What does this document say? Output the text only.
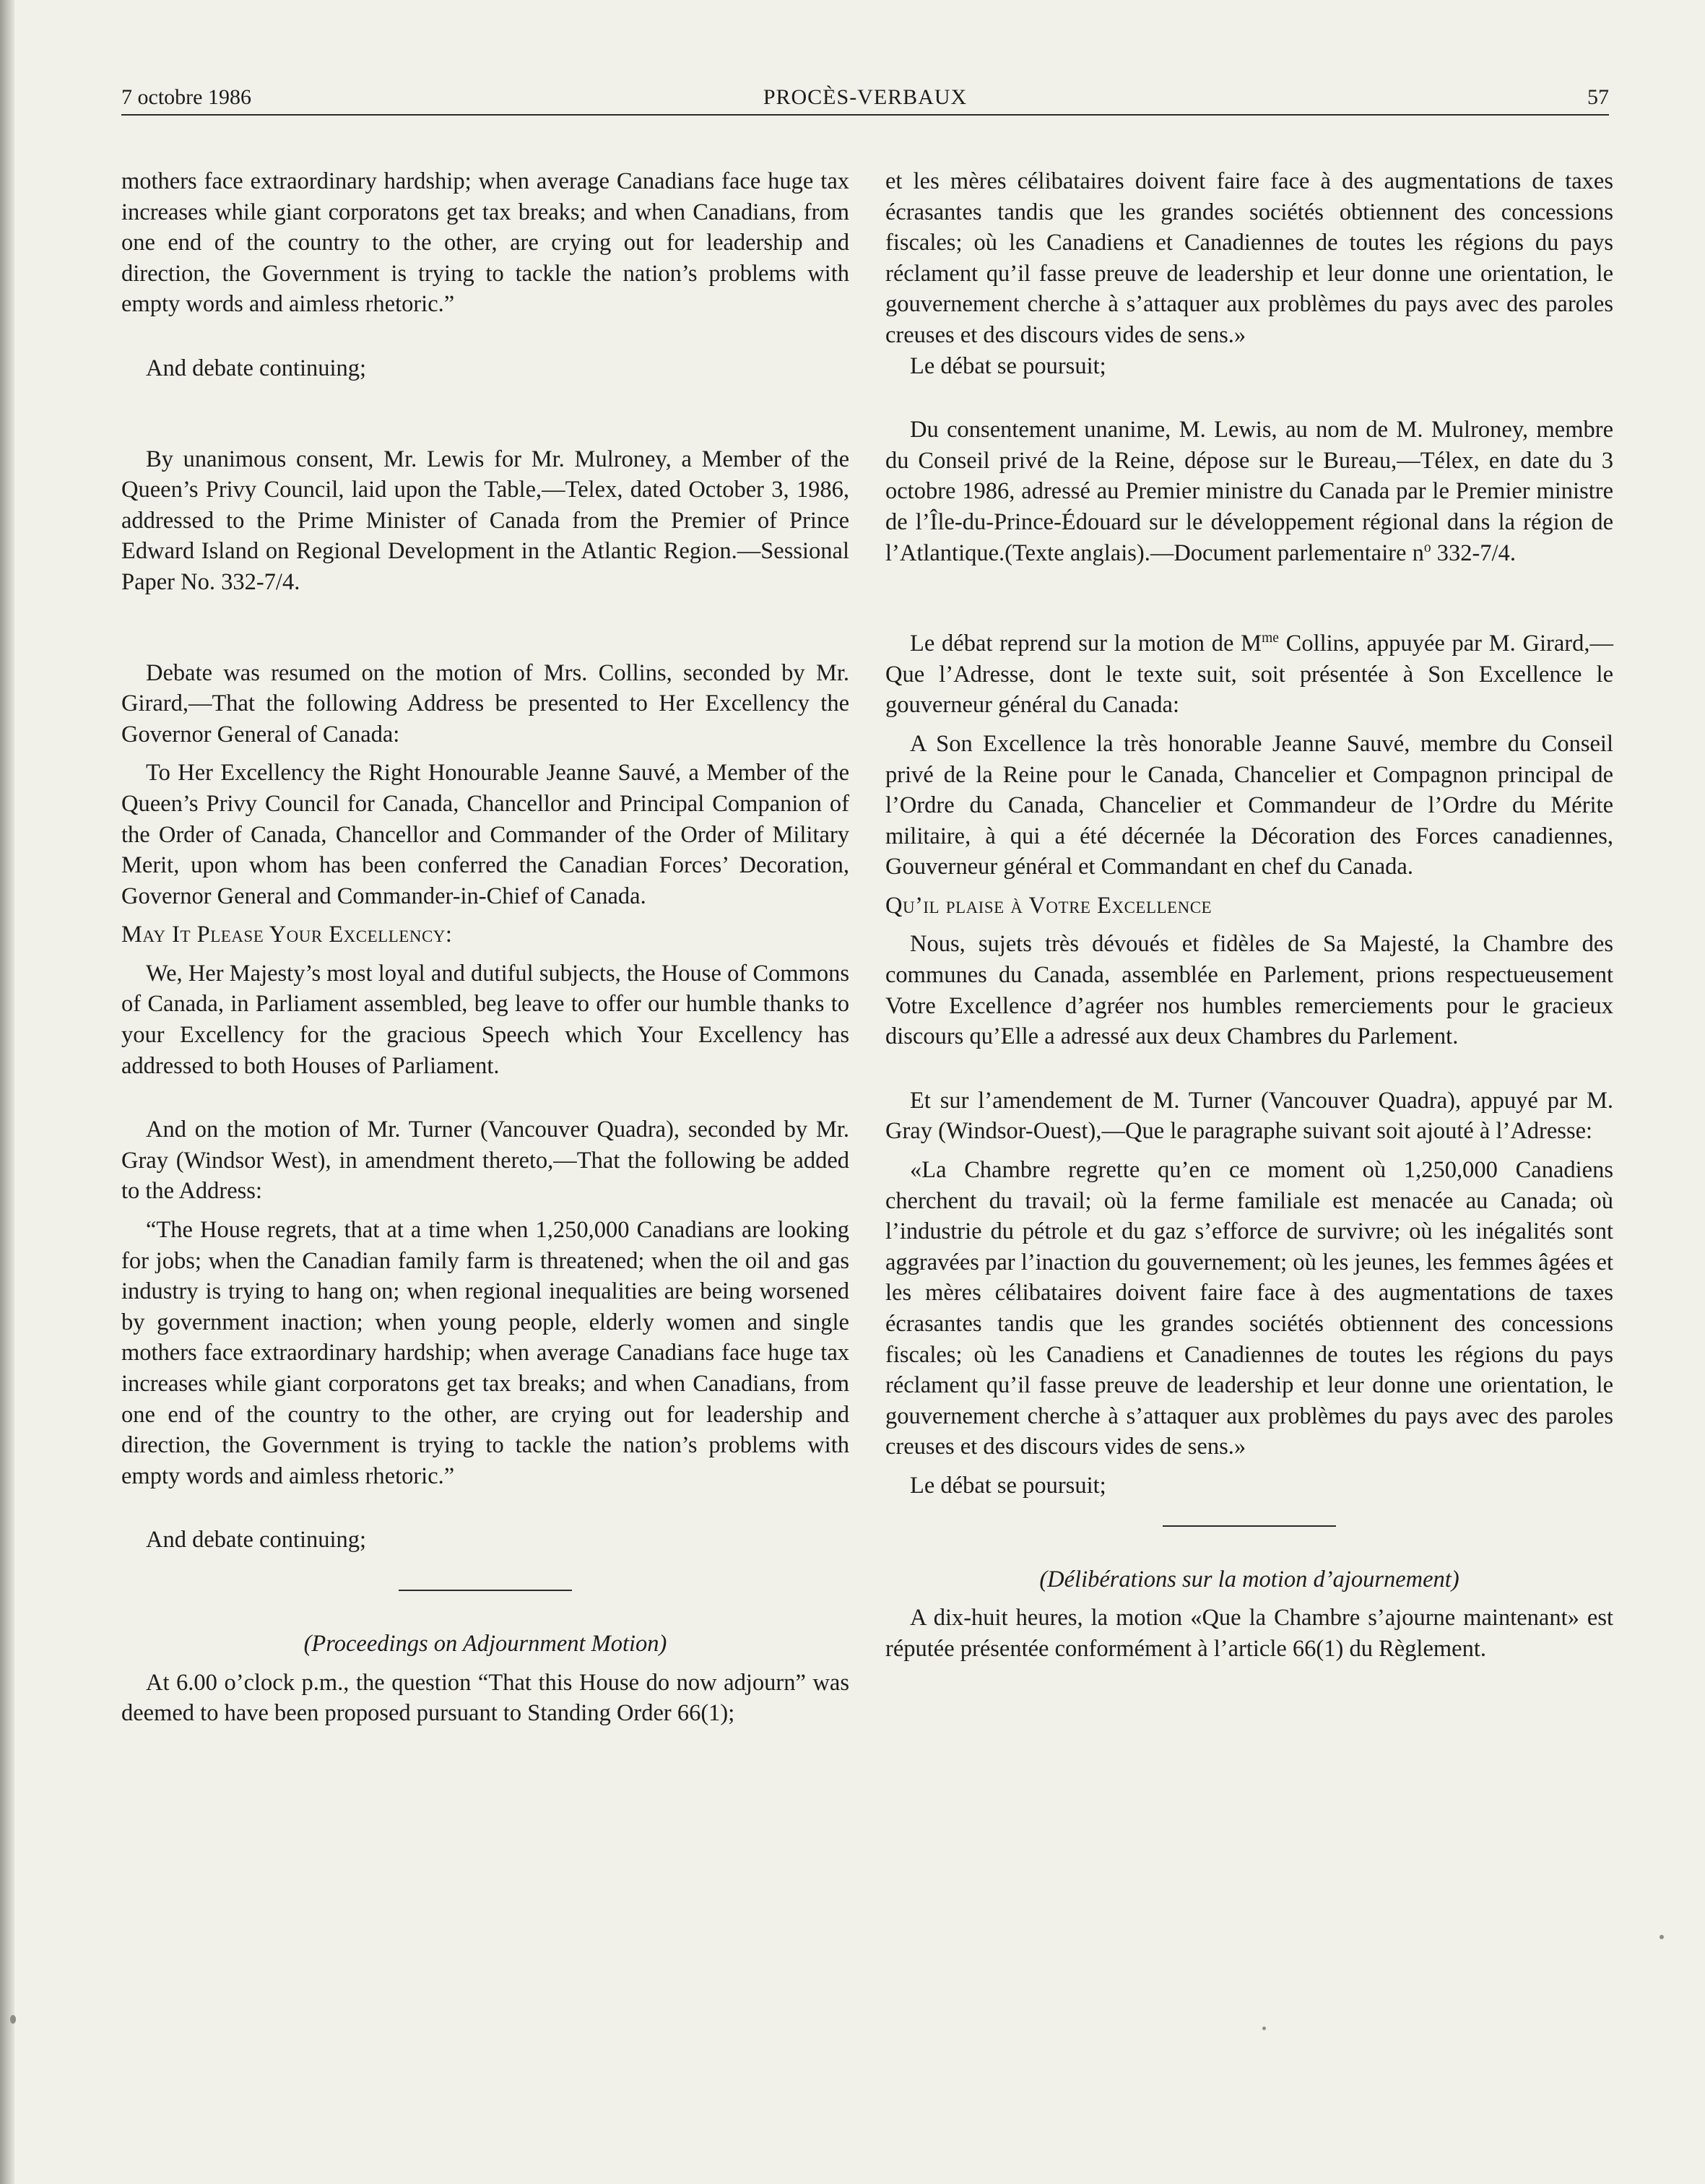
7 octobre 1986	PROCÈS-VERBAUX	57

mothers face extraordinary hardship; when average Canadians face huge tax increases while giant corporatons get tax breaks; and when Canadians, from one end of the country to the other, are crying out for leadership and direction, the Government is trying to tackle the nation’s problems with empty words and aimless rhetoric.”

And debate continuing;

By unanimous consent, Mr. Lewis for Mr. Mulroney, a Member of the Queen’s Privy Council, laid upon the Table,—Telex, dated October 3, 1986, addressed to the Prime Minister of Canada from the Premier of Prince Edward Island on Regional Development in the Atlantic Region.—Sessional Paper No. 332-7/4.

Debate was resumed on the motion of Mrs. Collins, seconded by Mr. Girard,—That the following Address be presented to Her Excellency the Governor General of Canada:

To Her Excellency the Right Honourable Jeanne Sauvé, a Member of the Queen’s Privy Council for Canada, Chancellor and Principal Companion of the Order of Canada, Chancellor and Commander of the Order of Military Merit, upon whom has been conferred the Canadian Forces’ Decoration, Governor General and Commander-in-Chief of Canada.

May It Please Your Excellency:

We, Her Majesty’s most loyal and dutiful subjects, the House of Commons of Canada, in Parliament assembled, beg leave to offer our humble thanks to your Excellency for the gracious Speech which Your Excellency has addressed to both Houses of Parliament.

And on the motion of Mr. Turner (Vancouver Quadra), seconded by Mr. Gray (Windsor West), in amendment thereto,—That the following be added to the Address:

“The House regrets, that at a time when 1,250,000 Canadians are looking for jobs; when the Canadian family farm is threatened; when the oil and gas industry is trying to hang on; when regional inequalities are being worsened by government inaction; when young people, elderly women and single mothers face extraordinary hardship; when average Canadians face huge tax increases while giant corporatons get tax breaks; and when Canadians, from one end of the country to the other, are crying out for leadership and direction, the Government is trying to tackle the nation’s problems with empty words and aimless rhetoric.”

And debate continuing;

(Proceedings on Adjournment Motion)

At 6.00 o’clock p.m., the question “That this House do now adjourn” was deemed to have been proposed pursuant to Standing Order 66(1);

et les mères célibataires doivent faire face à des augmentations de taxes écrasantes tandis que les grandes sociétés obtiennent des concessions fiscales; où les Canadiens et Canadiennes de toutes les régions du pays réclament qu’il fasse preuve de leadership et leur donne une orientation, le gouvernement cherche à s’attaquer aux problèmes du pays avec des paroles creuses et des discours vides de sens.»

Le débat se poursuit;

Du consentement unanime, M. Lewis, au nom de M. Mulroney, membre du Conseil privé de la Reine, dépose sur le Bureau,—Télex, en date du 3 octobre 1986, adressé au Premier ministre du Canada par le Premier ministre de l’Île-du-Prince-Édouard sur le développement régional dans la région de l’Atlantique.(Texte anglais).—Document parlementaire $n^o$ 332-7/4.

Le débat reprend sur la motion de $M^{me}$ Collins, appuyée par M. Girard,—Que l’Adresse, dont le texte suit, soit présentée à Son Excellence le gouverneur général du Canada:

A Son Excellence la très honorable Jeanne Sauvé, membre du Conseil privé de la Reine pour le Canada, Chancelier et Compagnon principal de l’Ordre du Canada, Chancelier et Commandeur de l’Ordre du Mérite militaire, à qui a été décernée la Décoration des Forces canadiennes, Gouverneur général et Commandant en chef du Canada.

Qu’il plaise à Votre Excellence

Nous, sujets très dévoués et fidèles de Sa Majesté, la Chambre des communes du Canada, assemblée en Parlement, prions respectueusement Votre Excellence d’agréer nos humbles remerciements pour le gracieux discours qu’Elle a adressé aux deux Chambres du Parlement.

Et sur l’amendement de M. Turner (Vancouver Quadra), appuyé par M. Gray (Windsor-Ouest),—Que le paragraphe suivant soit ajouté à l’Adresse:

«La Chambre regrette qu’en ce moment où 1,250,000 Canadiens cherchent du travail; où la ferme familiale est menacée au Canada; où l’industrie du pétrole et du gaz s’efforce de survivre; où les inégalités sont aggravées par l’inaction du gouvernement; où les jeunes, les femmes âgées et les mères célibataires doivent faire face à des augmentations de taxes écrasantes tandis que les grandes sociétés obtiennent des concessions fiscales; où les Canadiens et Canadiennes de toutes les régions du pays réclament qu’il fasse preuve de leadership et leur donne une orientation, le gouvernement cherche à s’attaquer aux problèmes du pays avec des paroles creuses et des discours vides de sens.»

Le débat se poursuit;

(Délibérations sur la motion d’ajournement)

A dix-huit heures, la motion «Que la Chambre s’ajourne maintenant» est réputée présentée conformément à l’article 66(1) du Règlement.
